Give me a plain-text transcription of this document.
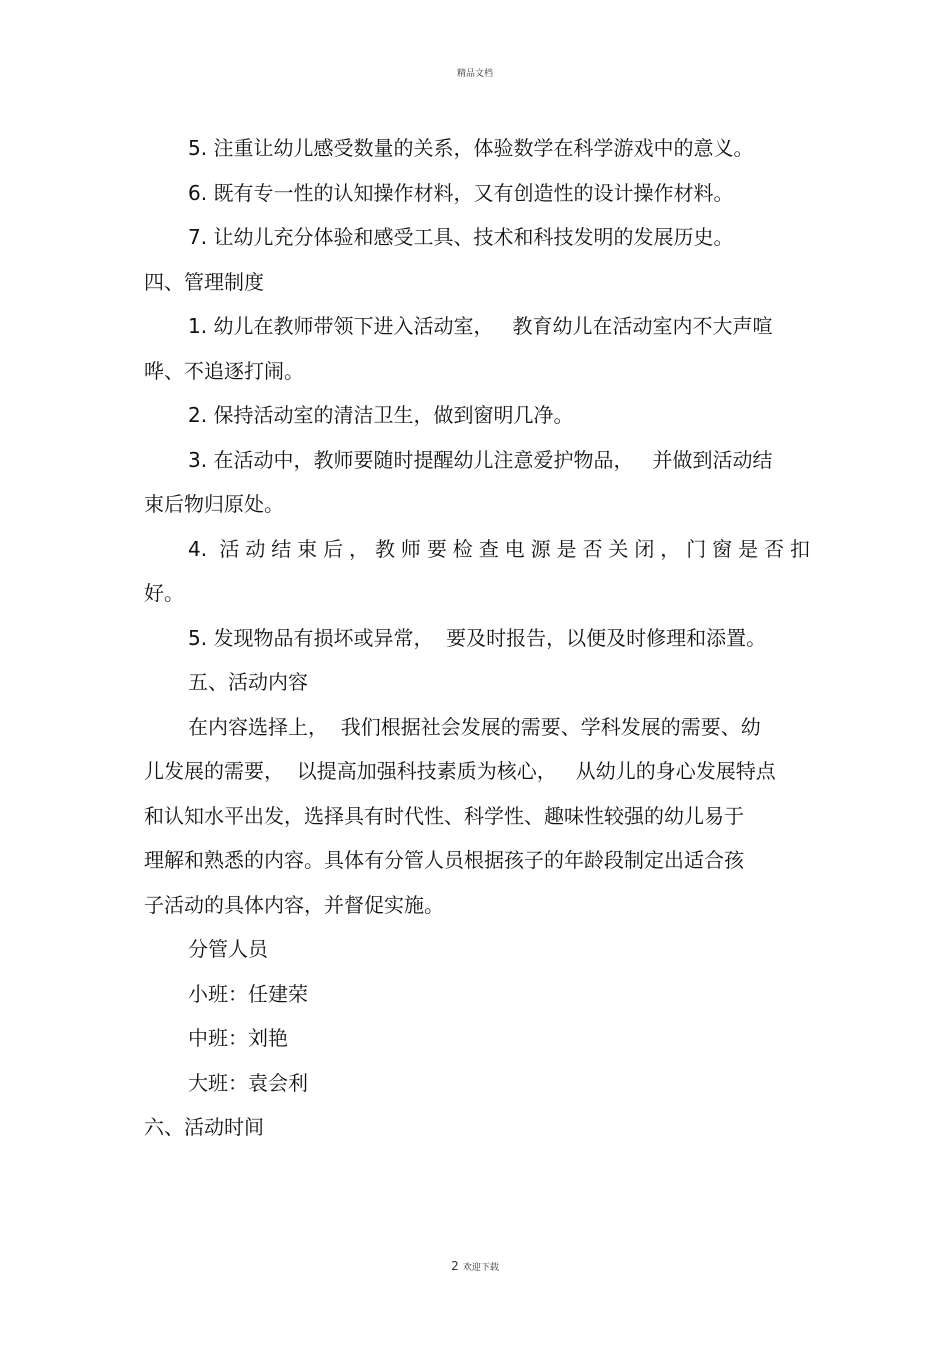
精品文档

5. 注重让幼儿感受数量的关系，体验数学在科学游戏中的意义。

6. 既有专一性的认知操作材料，又有创造性的设计操作材料。

7. 让幼儿充分体验和感受工具、技术和科技发明的发展历史。

四、管理制度

1. 幼儿在教师带领下进入活动室，   教育幼儿在活动室内不大声喧

哗、不追逐打闹。

2. 保持活动室的清洁卫生，做到窗明几净。

3. 在活动中，教师要随时提醒幼儿注意爱护物品，   并做到活动结

束后物归原处。

4. 活动结束后，教师要检查电源是否关闭，门窗是否扣

好。

5. 发现物品有损坏或异常，  要及时报告，以便及时修理和添置。

五、活动内容

在内容选择上，  我们根据社会发展的需要、学科发展的需要、幼

儿发展的需要，  以提高加强科技素质为核心，   从幼儿的身心发展特点

和认知水平出发，选择具有时代性、科学性、趣味性较强的幼儿易于

理解和熟悉的内容。具体有分管人员根据孩子的年龄段制定出适合孩

子活动的具体内容，并督促实施。

分管人员

小班：任建荣

中班：刘艳

大班：袁会利

六、活动时间

2 欢迎下载
